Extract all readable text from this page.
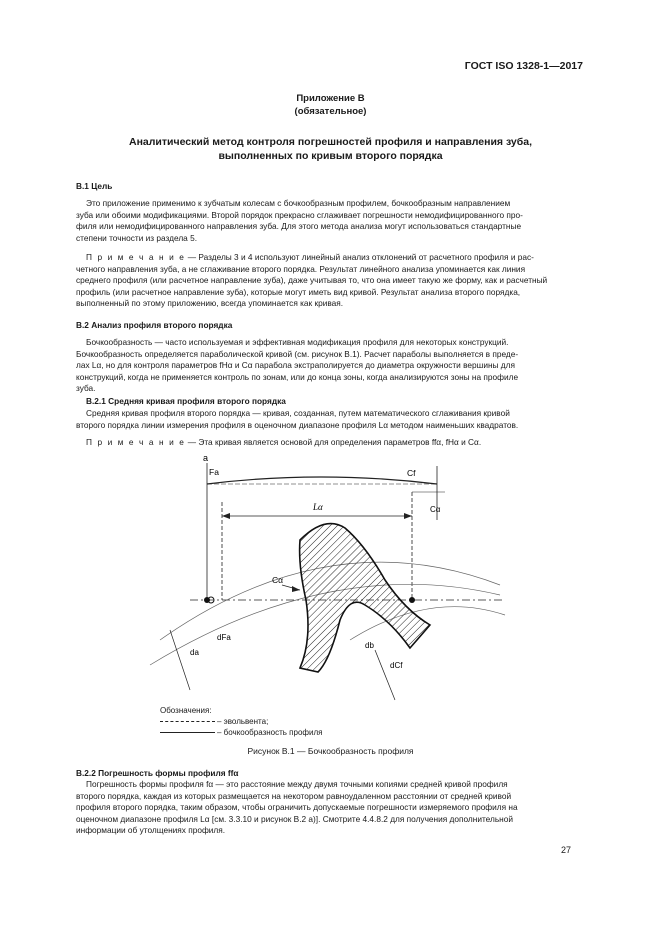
ГОСТ ISO 1328-1—2017
Приложение В
(обязательное)
Аналитический метод контроля погрешностей профиля и направления зуба,
выполненных по кривым второго порядка
В.1 Цель
Это приложение применимо к зубчатым колесам с бочкообразным профилем, бочкообразным направлением
зуба или обоими модификациями. Второй порядок прекрасно сглаживает погрешности немодифицированного про-
филя или немодифицированного направления зуба. Для этого метода анализа могут использоваться стандартные
степени точности из раздела 5.
П р и м е ч а н и е — Разделы 3 и 4 используют линейный анализ отклонений от расчетного профиля и рас-
четного направления зуба, а не сглаживание второго порядка. Результат линейного анализа упоминается как линия
среднего профиля (или расчетное направление зуба), даже учитывая то, что она имеет такую же форму, как и расчетный
профиль (или расчетное направление зуба), которые могут иметь вид кривой. Результат анализа второго порядка,
выполненный по этому приложению, всегда упоминается как кривая.
В.2 Анализ профиля второго порядка
Бочкообразность — часто используемая и эффективная модификация профиля для некоторых конструкций.
Бочкообразность определяется параболической кривой (см. рисунок В.1). Расчет параболы выполняется в преде-
лах Lα, но для контроля параметров fHα и Cα парабола экстраполируется до диаметра окружности вершины для
конструкций, когда не применяется контроль по зонам, или до конца зоны, когда анализируются зоны на профиле
зуба.
В.2.1 Средняя кривая профиля второго порядка
Средняя кривая профиля второго порядка — кривая, созданная, путем математического сглаживания кривой
второго порядка линии измерения профиля в оценочном диапазоне профиля Lα методом наименьших квадратов.
П р и м е ч а н и е — Эта кривая является основой для определения параметров ffα, fHα и Cα.
a
Fa	Cf
Cα
Lα
Cα
da
dFa
db
dCf
Обозначения:
– эвольвента;
– бочкообразность профиля
Рисунок В.1 — Бочкообразность профиля
В.2.2 Погрешность формы профиля ffα
Погрешность формы профиля fα — это расстояние между двумя точными копиями средней кривой профиля
второго порядка, каждая из которых размещается на некотором равноудаленном расстоянии от средней кривой
профиля второго порядка, таким образом, чтобы ограничить допускаемые погрешности измеряемого профиля на
оценочном диапазоне профиля Lα [см. 3.3.10 и рисунок В.2 а)]. Смотрите 4.4.8.2 для получения дополнительной
информации об утолщениях профиля.
27
